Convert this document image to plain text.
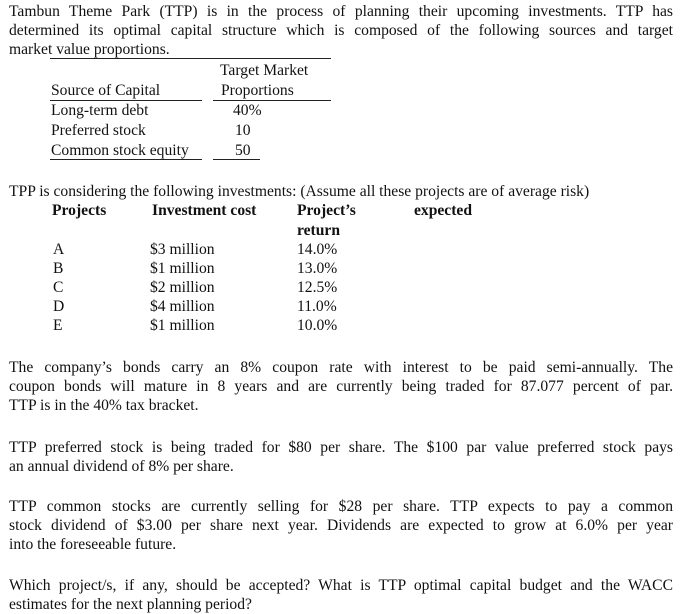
Tambun Theme Park (TTP) is in the process of planning their upcoming investments. TTP has
determined its optimal capital structure which is composed of the following sources and target
market value proportions.
Target Market
Source of Capital	Proportions
Long-term debt	40%
Preferred stock	10
Common stock equity	50
TPP is considering the following investments: (Assume all these projects are of average risk)
Projects	Investment cost	Project’s	expected
return
A	$3 million	14.0%
B	$1 million	13.0%
C	$2 million	12.5%
D	$4 million	11.0%
E	$1 million	10.0%
The company’s bonds carry an 8% coupon rate with interest to be paid semi-annually. The
coupon bonds will mature in 8 years and are currently being traded for 87.077 percent of par.
TTP is in the 40% tax bracket.
TTP preferred stock is being traded for $80 per share. The $100 par value preferred stock pays
an annual dividend of 8% per share.
TTP common stocks are currently selling for $28 per share. TTP expects to pay a common
stock dividend of $3.00 per share next year. Dividends are expected to grow at 6.0% per year
into the foreseeable future.
Which project/s, if any, should be accepted? What is TTP optimal capital budget and the WACC
estimates for the next planning period?
